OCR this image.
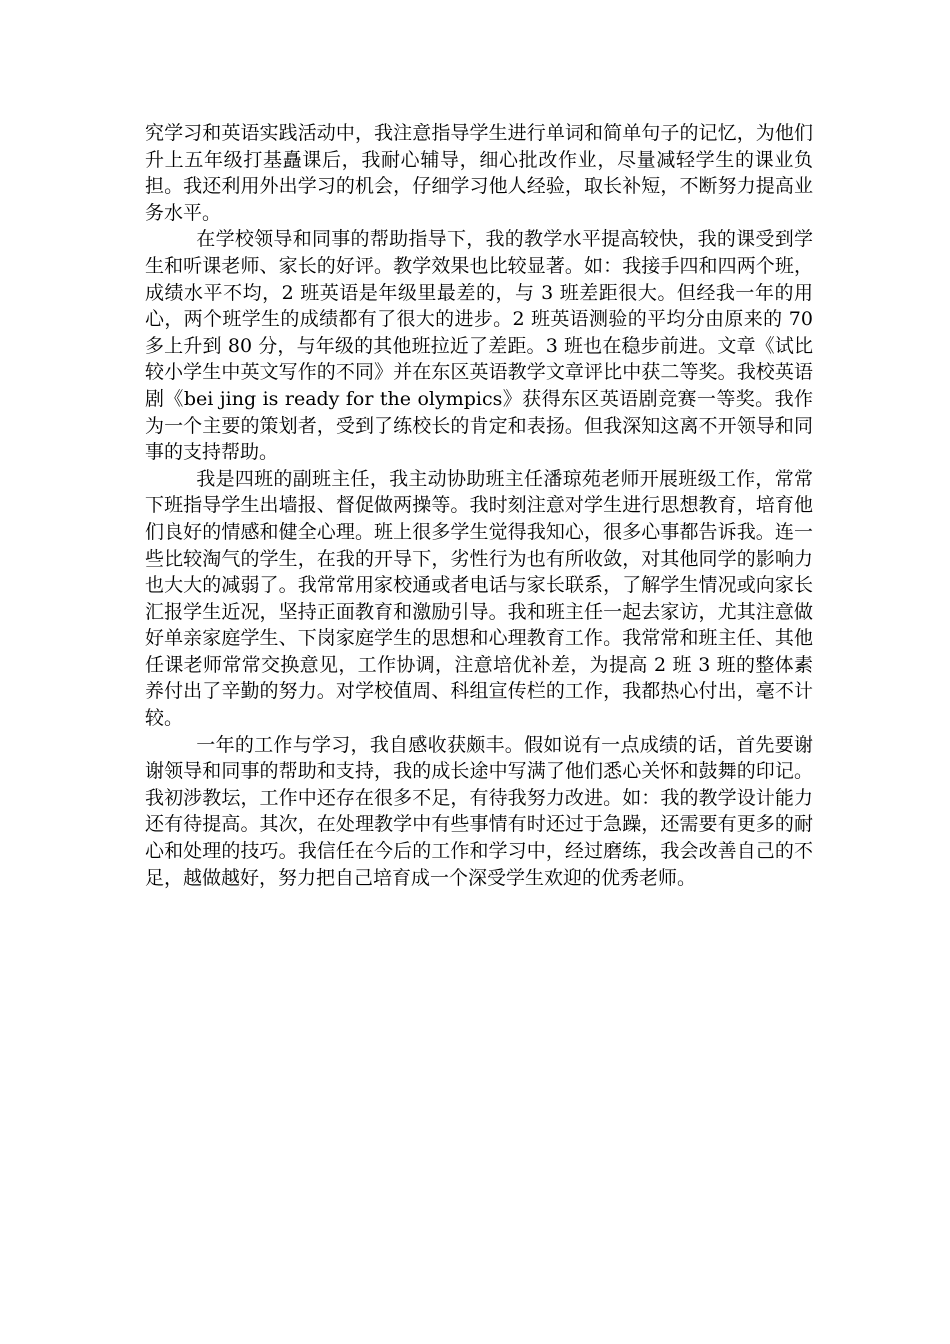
究学习和英语实践活动中，我注意指导学生进行单词和简单句子的记忆，为他们升上五年级打基矗课后，我耐心辅导，细心批改作业，尽量减轻学生的课业负担。我还利用外出学习的机会，仔细学习他人经验，取长补短，不断努力提高业务水平。

在学校领导和同事的帮助指导下，我的教学水平提高较快，我的课受到学生和听课老师、家长的好评。教学效果也比较显著。如：我接手四和四两个班，成绩水平不均，2 班英语是年级里最差的，与 3 班差距很大。但经我一年的用心，两个班学生的成绩都有了很大的进步。2 班英语测验的平均分由原来的 70 多上升到 80 分，与年级的其他班拉近了差距。3 班也在稳步前进。文章《试比较小学生中英文写作的不同》并在东区英语教学文章评比中获二等奖。我校英语剧《bei jing is ready for the olympics》获得东区英语剧竞赛一等奖。我作为一个主要的策划者，受到了练校长的肯定和表扬。但我深知这离不开领导和同事的支持帮助。

我是四班的副班主任，我主动协助班主任潘琼苑老师开展班级工作，常常下班指导学生出墙报、督促做两操等。我时刻注意对学生进行思想教育，培育他们良好的情感和健全心理。班上很多学生觉得我知心，很多心事都告诉我。连一些比较淘气的学生，在我的开导下，劣性行为也有所收敛，对其他同学的影响力也大大的减弱了。我常常用家校通或者电话与家长联系，了解学生情况或向家长汇报学生近况，坚持正面教育和激励引导。我和班主任一起去家访，尤其注意做好单亲家庭学生、下岗家庭学生的思想和心理教育工作。我常常和班主任、其他任课老师常常交换意见，工作协调，注意培优补差，为提高 2 班 3 班的整体素养付出了辛勤的努力。对学校值周、科组宣传栏的工作，我都热心付出，毫不计较。

一年的工作与学习，我自感收获颇丰。假如说有一点成绩的话，首先要谢谢领导和同事的帮助和支持，我的成长途中写满了他们悉心关怀和鼓舞的印记。我初涉教坛，工作中还存在很多不足，有待我努力改进。如：我的教学设计能力还有待提高。其次，在处理教学中有些事情有时还过于急躁，还需要有更多的耐心和处理的技巧。我信任在今后的工作和学习中，经过磨练，我会改善自己的不足，越做越好，努力把自己培育成一个深受学生欢迎的优秀老师。
